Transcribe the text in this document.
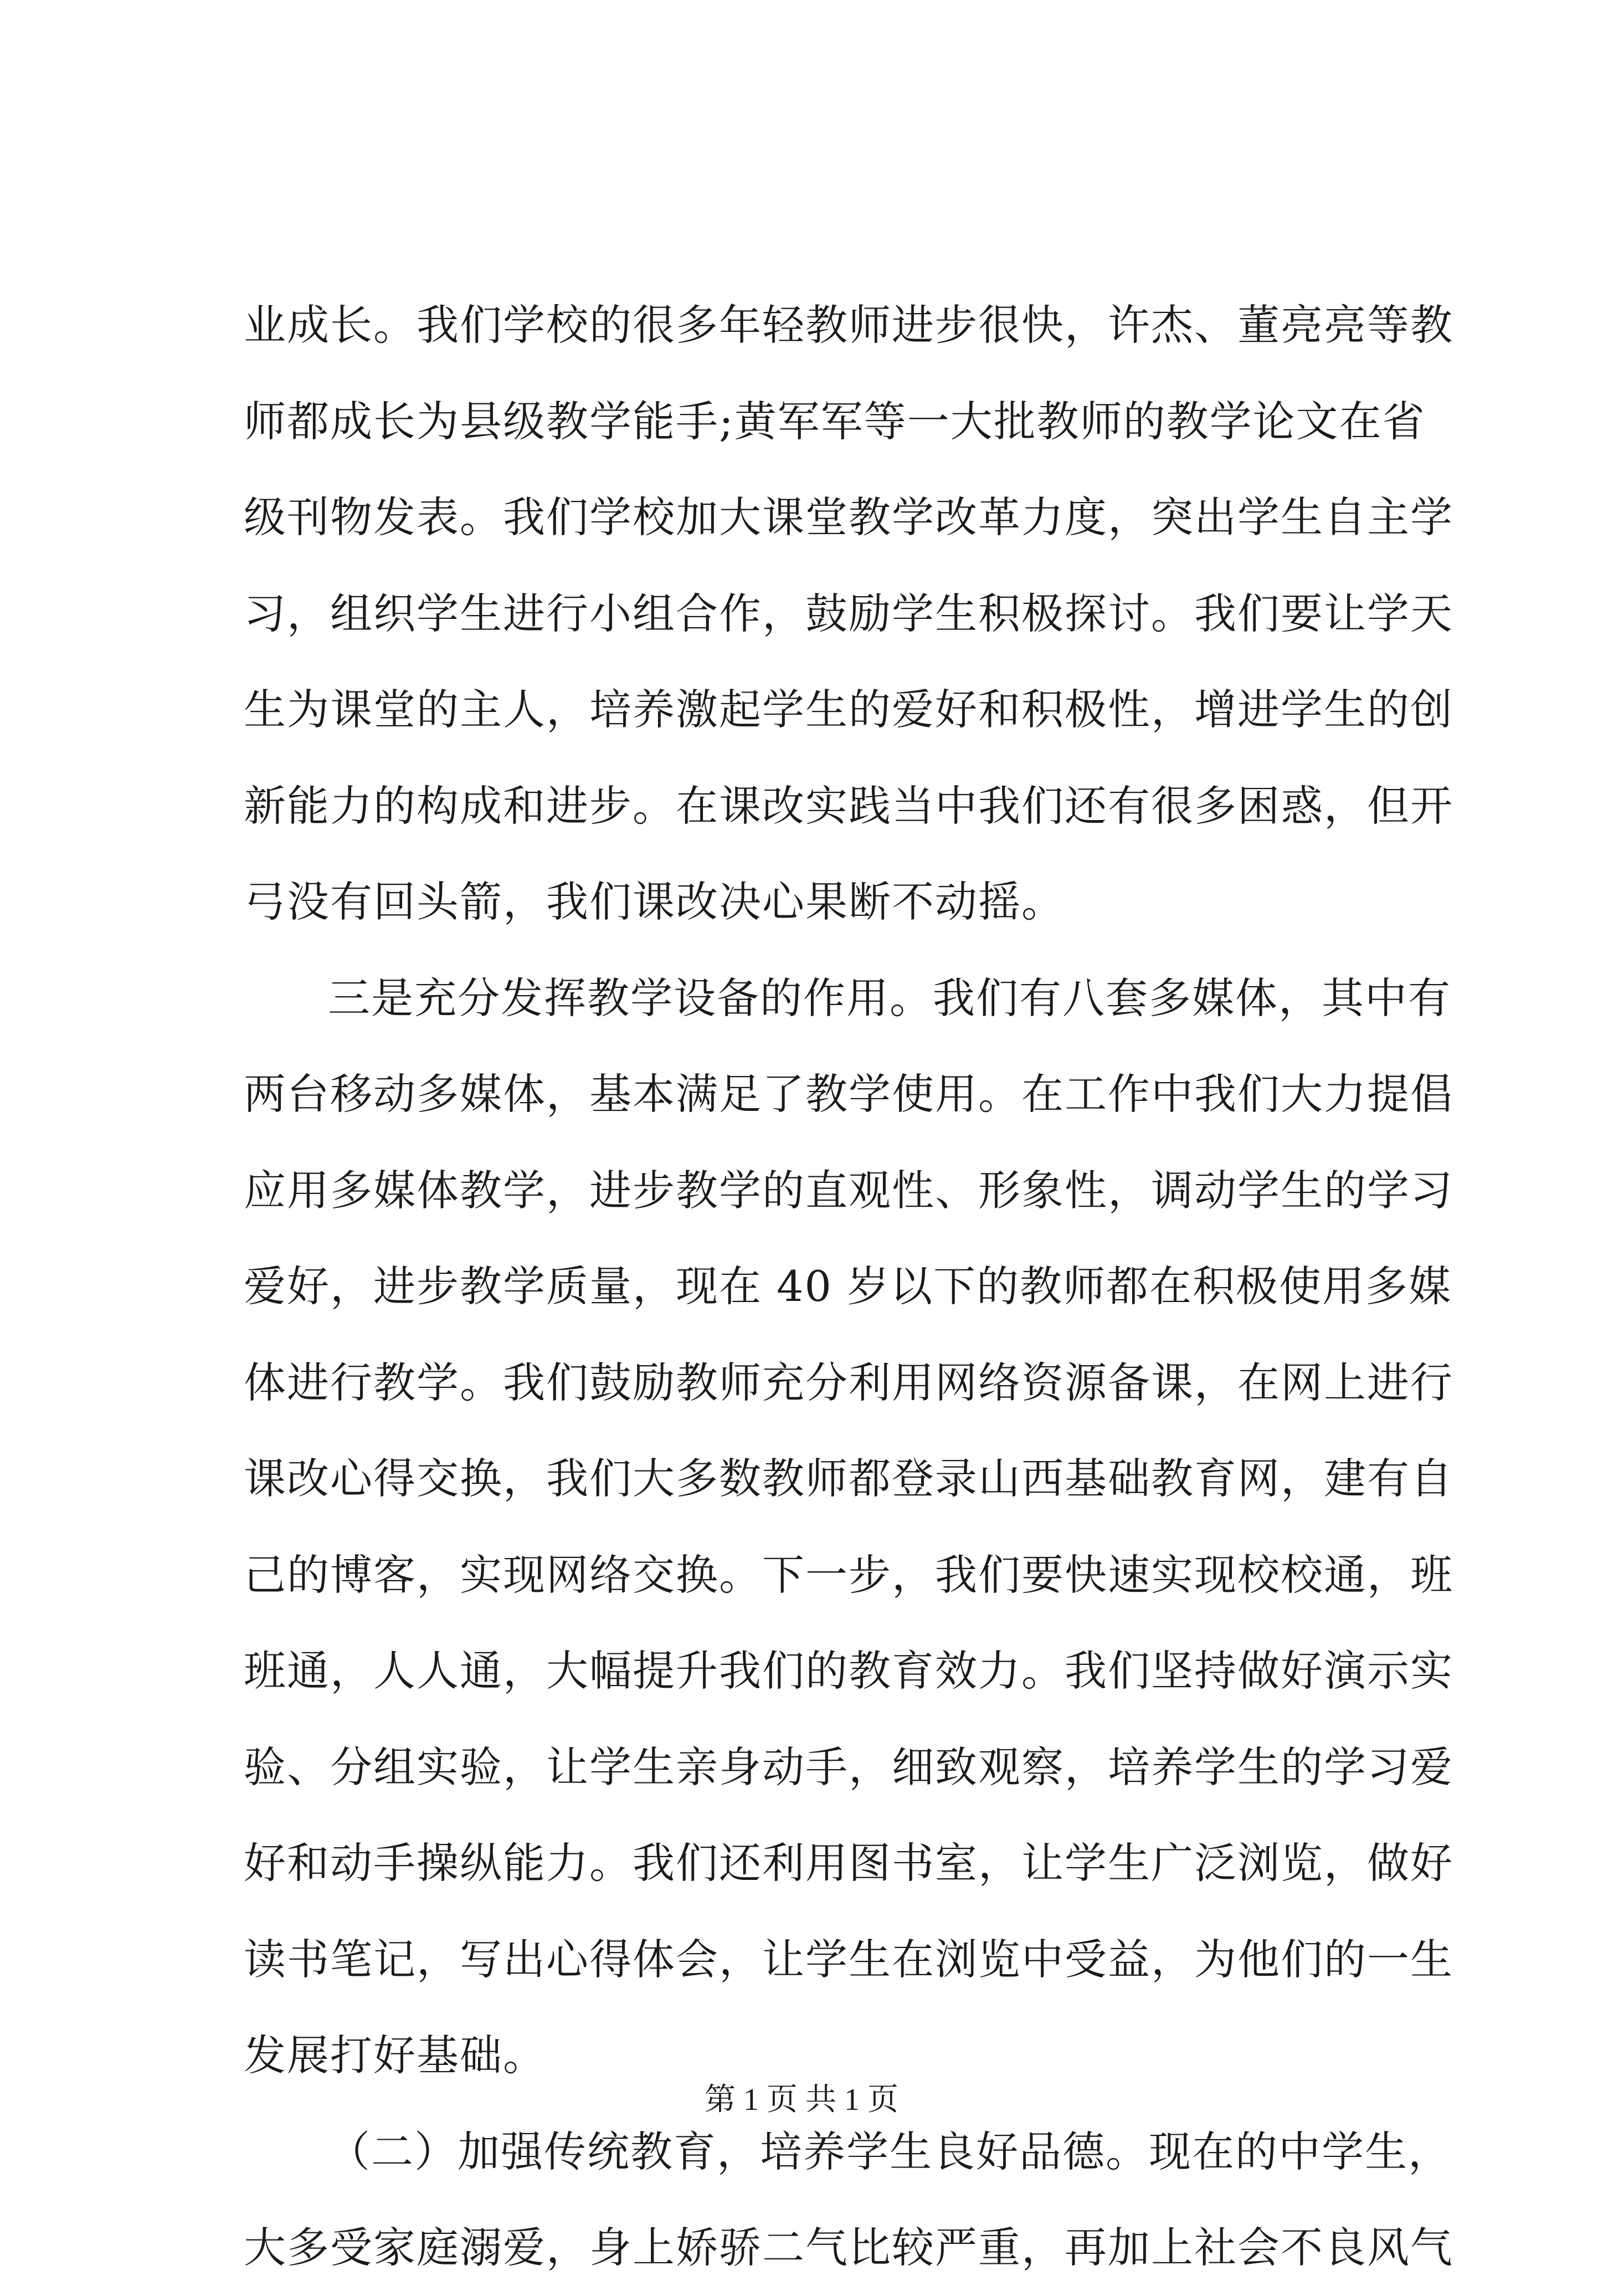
业成长。我们学校的很多年轻教师进步很快，许杰、董亮亮等教
师都成长为县级教学能手;黄军军等一大批教师的教学论文在省
级刊物发表。我们学校加大课堂教学改革力度，突出学生自主学
习，组织学生进行小组合作，鼓励学生积极探讨。我们要让学天
生为课堂的主人，培养激起学生的爱好和积极性，增进学生的创
新能力的构成和进步。在课改实践当中我们还有很多困惑，但开
弓没有回头箭，我们课改决心果断不动摇。
三是充分发挥教学设备的作用。我们有八套多媒体，其中有
两台移动多媒体，基本满足了教学使用。在工作中我们大力提倡
应用多媒体教学，进步教学的直观性、形象性，调动学生的学习
爱好，进步教学质量，现在 40 岁以下的教师都在积极使用多媒
体进行教学。我们鼓励教师充分利用网络资源备课，在网上进行
课改心得交换，我们大多数教师都登录山西基础教育网，建有自
己的博客，实现网络交换。下一步，我们要快速实现校校通，班
班通，人人通，大幅提升我们的教育效力。我们坚持做好演示实
验、分组实验，让学生亲身动手，细致观察，培养学生的学习爱
好和动手操纵能力。我们还利用图书室，让学生广泛浏览，做好
读书笔记，写出心得体会，让学生在浏览中受益，为他们的一生
发展打好基础。
（二）加强传统教育，培养学生良好品德。现在的中学生，
大多受家庭溺爱，身上娇骄二气比较严重，再加上社会不良风气
第 1 页 共 1 页
